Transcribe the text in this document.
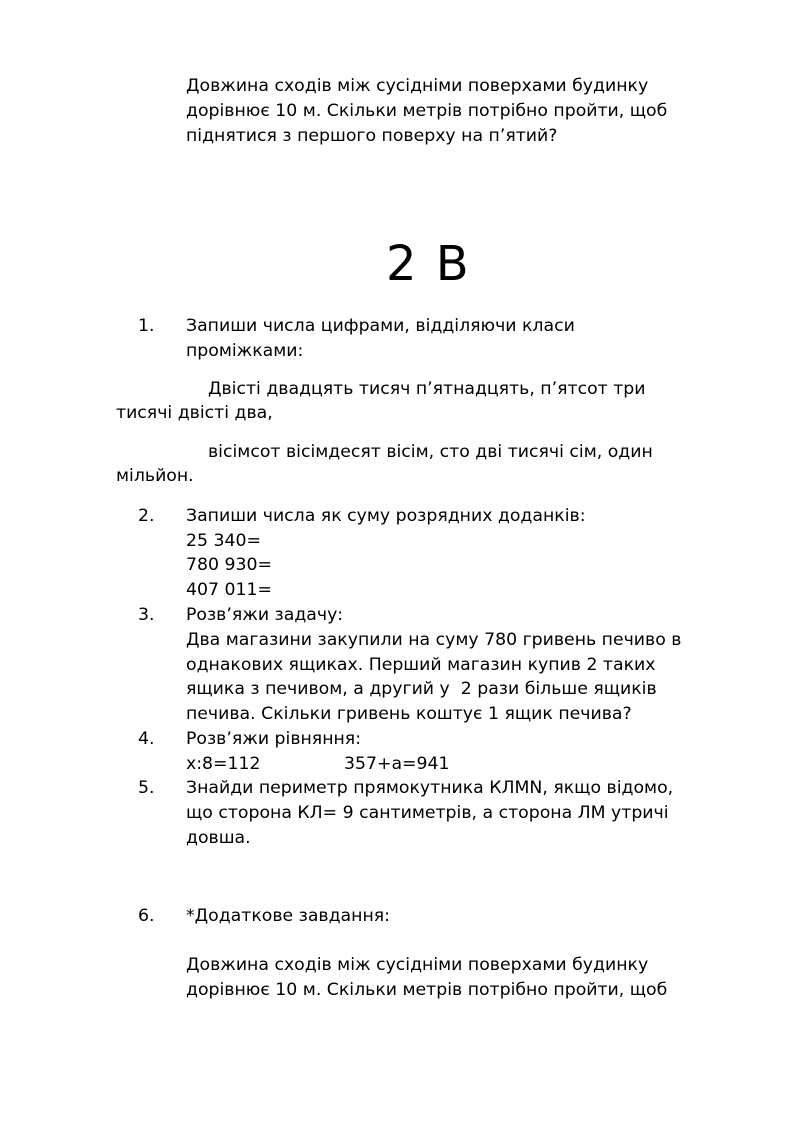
Довжина сходів між сусідніми поверхами будинку
дорівнює 10 м. Скільки метрів потрібно пройти, щоб
піднятися з першого поверху на п’ятий?
2 В
1. Запиши числа цифрами, відділяючи класи
проміжками:
Двісті двадцять тисяч п’ятнадцять, п’ятсот три
тисячі двісті два,
вісімсот вісімдесят вісім, сто дві тисячі сім, один
мільйон.
2. Запиши числа як суму розрядних доданків:
25 340=
780 930=
407 011=
3. Розв’яжи задачу:
Два магазини закупили на суму 780 гривень печиво в
однакових ящиках. Перший магазин купив 2 таких
ящика з печивом, а другий у  2 рази більше ящиків
печива. Скільки гривень коштує 1 ящик печива?
4. Розв’яжи рівняння:
х:8=112	357+а=941
5. Знайди периметр прямокутника КЛMN, якщо відомо,
що сторона КЛ= 9 сантиметрів, а сторона ЛМ утричі
довша.
6. *Додаткове завдання:
Довжина сходів між сусідніми поверхами будинку
дорівнює 10 м. Скільки метрів потрібно пройти, щоб
